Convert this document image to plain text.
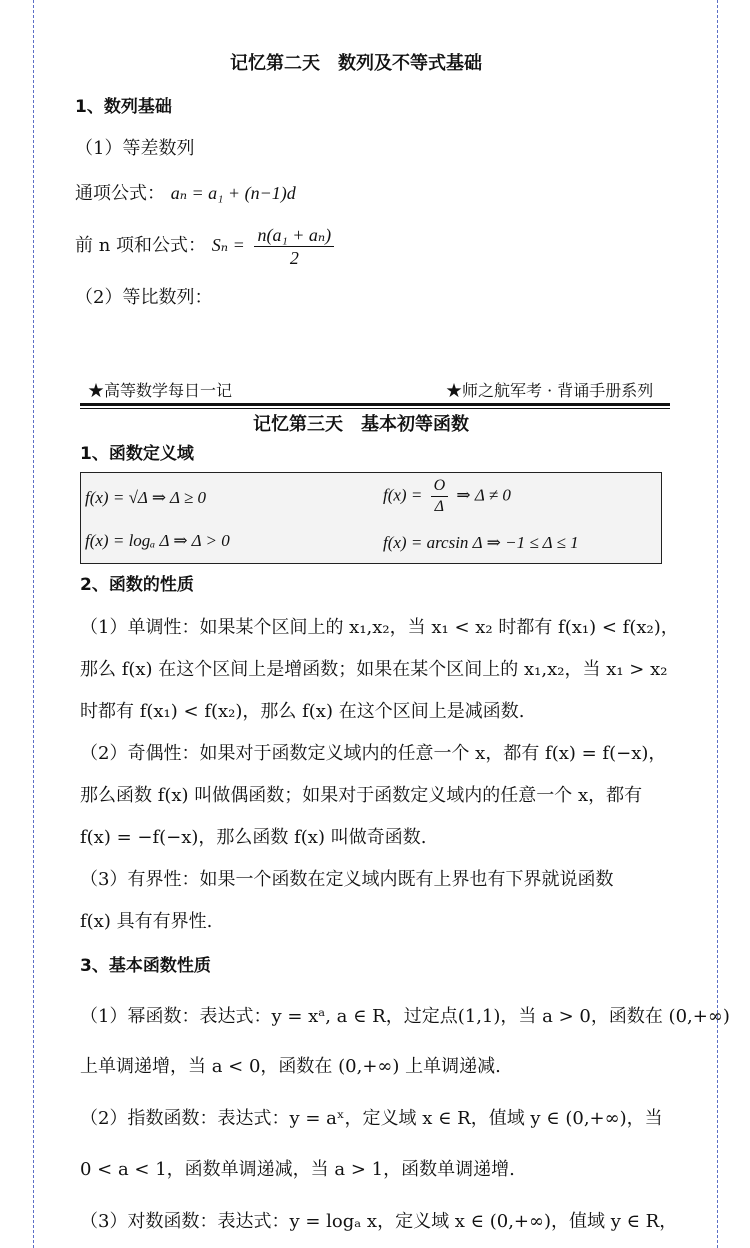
记忆第二天　数列及不等式基础
1、数列基础
（1）等差数列
通项公式： aₙ = a₁ + (n−1)d
前 n 项和公式： $S_n = \frac{\text{n(a₁ + aₙ)}}{2}$
（2）等比数列：
★高等数学每日一记	★师之航军考 · 背诵手册系列
记忆第三天　基本初等函数
1、函数定义域
f(x) = √Δ ⇒ Δ ≥ 0	$f(x) = \frac{O}{\Delta}$ ⇒ Δ ≠ 0
f(x) = logₐ Δ ⇒ Δ > 0	f(x) = arcsin Δ ⇒ −1 ≤ Δ ≤ 1
2、函数的性质
（1）单调性：如果某个区间上的 x₁,x₂，当 x₁ < x₂ 时都有 f(x₁) < f(x₂)，
那么 f(x) 在这个区间上是增函数；如果在某个区间上的 x₁,x₂，当 x₁ > x₂
时都有 f(x₁) < f(x₂)，那么 f(x) 在这个区间上是减函数.
（2）奇偶性：如果对于函数定义域内的任意一个 x，都有 f(x) = f(−x)，
那么函数 f(x) 叫做偶函数；如果对于函数定义域内的任意一个 x，都有
f(x) = −f(−x)，那么函数 f(x) 叫做奇函数.
（3）有界性：如果一个函数在定义域内既有上界也有下界就说函数
f(x) 具有有界性.
3、基本函数性质
（1）幂函数：表达式：y = xᵃ, a ∈ R，过定点(1,1)，当 a > 0，函数在 (0,+∞)
上单调递增，当 a < 0，函数在 (0,+∞) 上单调递减.
（2）指数函数：表达式：y = aˣ，定义域 x ∈ R，值域 y ∈ (0,+∞)，当
0 < a < 1，函数单调递减，当 a > 1，函数单调递增.
（3）对数函数：表达式：y = logₐ x，定义域 x ∈ (0,+∞)，值域 y ∈ R，
